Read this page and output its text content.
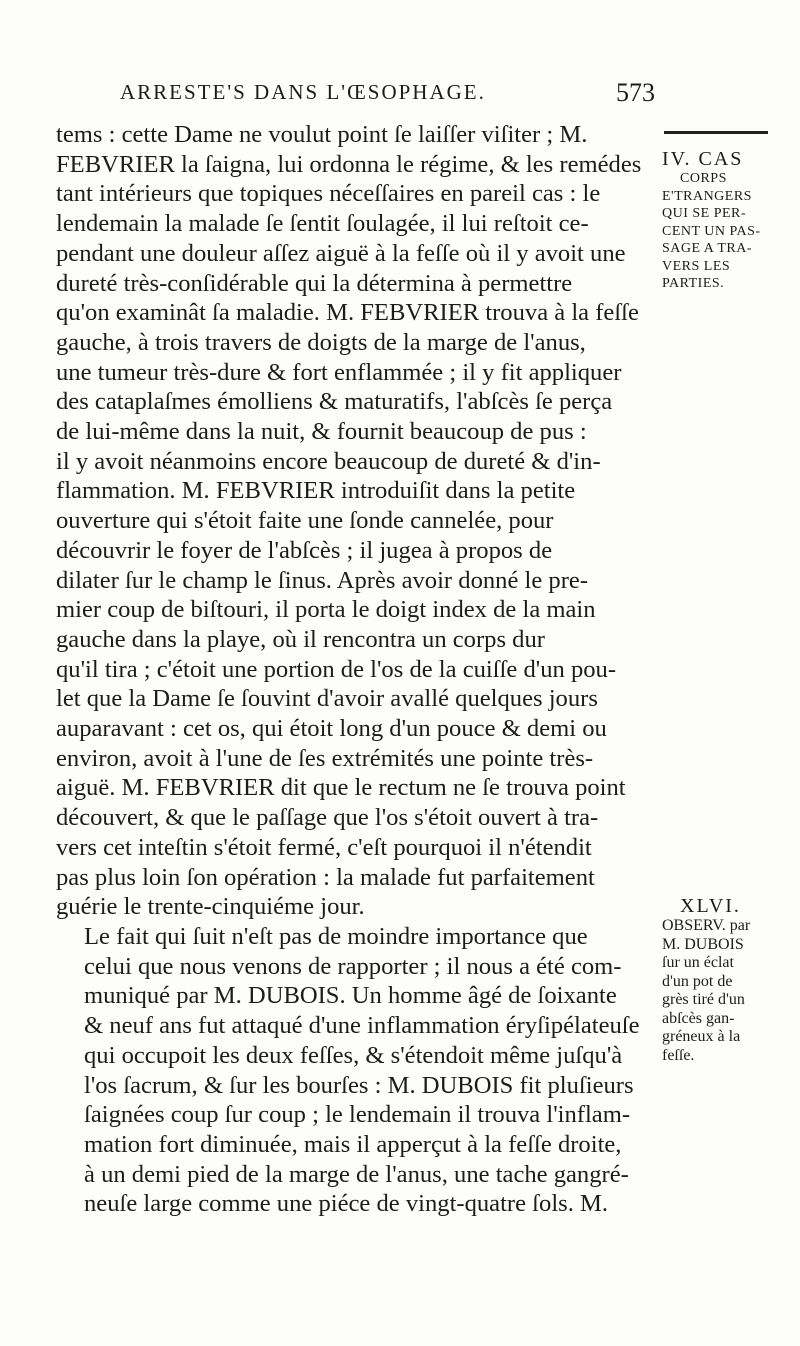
ARRESTE'S DANS L'ŒSOPHAGE.	573

tems : cette Dame ne voulut point ſe laiſſer viſiter ; M.
FEBVRIER la ſaigna, lui ordonna le régime, & les remédes
tant intérieurs que topiques néceſſaires en pareil cas : le
lendemain la malade ſe ſentit ſoulagée, il lui reſtoit ce-
pendant une douleur aſſez aiguë à la feſſe où il y avoit une
dureté très-conſidérable qui la détermina à permettre
qu'on examinât ſa maladie. M. FEBVRIER trouva à la feſſe
gauche, à trois travers de doigts de la marge de l'anus,
une tumeur très-dure & fort enflammée ; il y fit appliquer
des cataplaſmes émolliens & maturatifs, l'abſcès ſe perça
de lui-même dans la nuit, & fournit beaucoup de pus :
il y avoit néanmoins encore beaucoup de dureté & d'in-
flammation. M. FEBVRIER introduiſit dans la petite
ouverture qui s'étoit faite une ſonde cannelée, pour
découvrir le foyer de l'abſcès ; il jugea à propos de
dilater ſur le champ le ſinus. Après avoir donné le pre-
mier coup de biſtouri, il porta le doigt index de la main
gauche dans la playe, où il rencontra un corps dur
qu'il tira ; c'étoit une portion de l'os de la cuiſſe d'un pou-
let que la Dame ſe ſouvint d'avoir avallé quelques jours
auparavant : cet os, qui étoit long d'un pouce & demi ou
environ, avoit à l'une de ſes extrémités une pointe très-
aiguë. M. FEBVRIER dit que le rectum ne ſe trouva point
découvert, & que le paſſage que l'os s'étoit ouvert à tra-
vers cet inteſtin s'étoit fermé, c'eſt pourquoi il n'étendit
pas plus loin ſon opération : la malade fut parfaitement
guérie le trente-cinquiéme jour.

Le fait qui ſuit n'eſt pas de moindre importance que
celui que nous venons de rapporter ; il nous a été com-
muniqué par M. DUBOIS. Un homme âgé de ſoixante
& neuf ans fut attaqué d'une inflammation éryſipélateuſe
qui occupoit les deux feſſes, & s'étendoit même juſqu'à
l'os ſacrum, & ſur les bourſes : M. DUBOIS fit pluſieurs
ſaignées coup ſur coup ; le lendemain il trouva l'inflam-
mation fort diminuée, mais il apperçut à la feſſe droite,
à un demi pied de la marge de l'anus, une tache gangré-
neuſe large comme une piéce de vingt-quatre ſols. M.

IV. CAS
CORPS
E'TRANGERS
QUI SE PER-
CENT UN PAS-
SAGE A TRA-
VERS LES
PARTIES.
XLVI.
OBSERV. par
M. DUBOIS
ſur un éclat
d'un pot de
grès tiré d'un
abſcès gan-
gréneux à la
feſſe.
